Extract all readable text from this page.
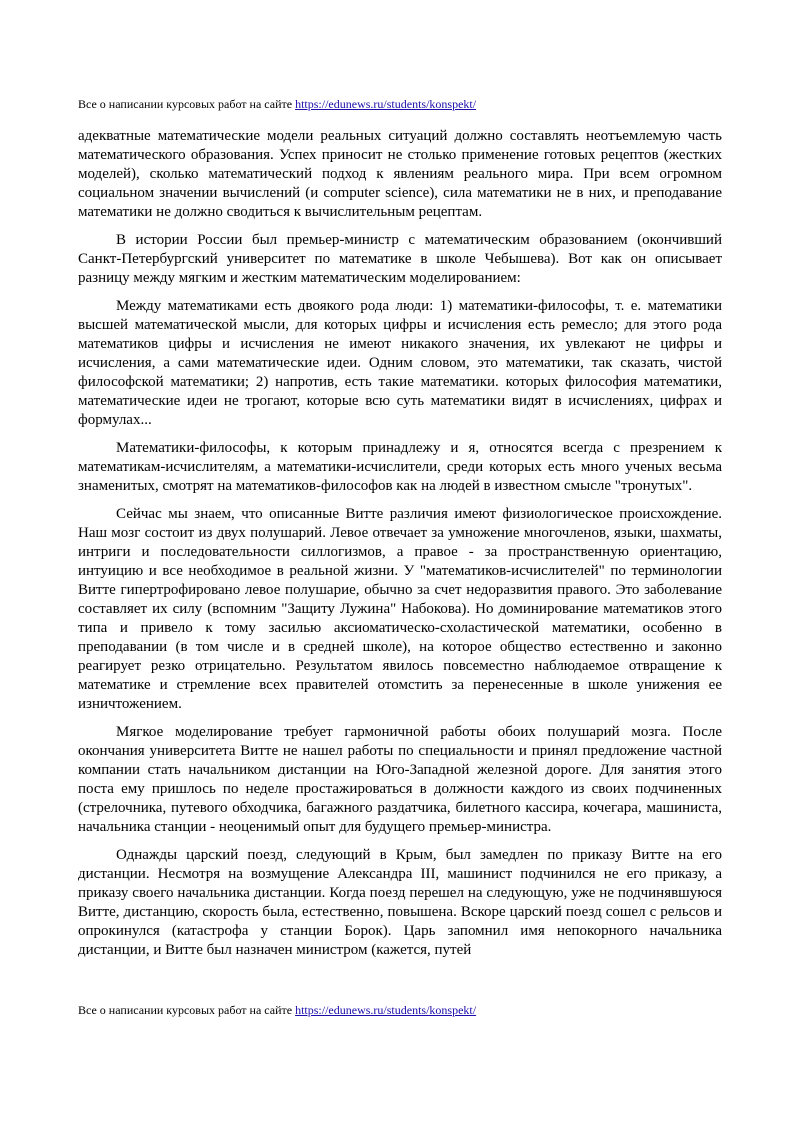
Все о написании курсовых работ на сайте https://edunews.ru/students/konspekt/

адекватные математические модели реальных ситуаций должно составлять неотъемлемую часть математического образования. Успех приносит не столько применение готовых рецептов (жестких моделей), сколько математический подход к явлениям реального мира. При всем огромном социальном значении вычислений (и computer science), сила математики не в них, и преподавание математики не должно сводиться к вычислительным рецептам.

В истории России был премьер-министр с математическим образованием (окончивший Санкт-Петербургский университет по математике в школе Чебышева). Вот как он описывает разницу между мягким и жестким математическим моделированием:

Между математиками есть двоякого рода люди: 1) математики-философы, т. е. математики высшей математической мысли, для которых цифры и исчисления есть ремесло; для этого рода математиков цифры и исчисления не имеют никакого значения, их увлекают не цифры и исчисления, а сами математические идеи. Одним словом, это математики, так сказать, чистой философской математики; 2) напротив, есть такие математики. которых философия математики, математические идеи не трогают, которые всю суть математики видят в исчислениях, цифрах и формулах...

Математики-философы, к которым принадлежу и я, относятся всегда с презрением к математикам-исчислителям, а математики-исчислители, среди которых есть много ученых весьма знаменитых, смотрят на математиков-философов как на людей в известном смысле "тронутых".

Сейчас мы знаем, что описанные Витте различия имеют физиологическое происхождение. Наш мозг состоит из двух полушарий. Левое отвечает за умножение многочленов, языки, шахматы, интриги и последовательности силлогизмов, а правое - за пространственную ориентацию, интуицию и все необходимое в реальной жизни. У "математиков-исчислителей" по терминологии Витте гипертрофировано левое полушарие, обычно за счет недоразвития правого. Это заболевание составляет их силу (вспомним "Защиту Лужина" Набокова). Но доминирование математиков этого типа и привело к тому засилью аксиоматическо-схоластической математики, особенно в преподавании (в том числе и в средней школе), на которое общество естественно и законно реагирует резко отрицательно. Результатом явилось повсеместно наблюдаемое отвращение к математике и стремление всех правителей отомстить за перенесенные в школе унижения ее изничтожением.

Мягкое моделирование требует гармоничной работы обоих полушарий мозга. После окончания университета Витте не нашел работы по специальности и принял предложение частной компании стать начальником дистанции на Юго-Западной железной дороге. Для занятия этого поста ему пришлось по неделе простажироваться в должности каждого из своих подчиненных (стрелочника, путевого обходчика, багажного раздатчика, билетного кассира, кочегара, машиниста, начальника станции - неоценимый опыт для будущего премьер-министра.

Однажды царский поезд, следующий в Крым, был замедлен по приказу Витте на его дистанции. Несмотря на возмущение Александра III, машинист подчинился не его приказу, а приказу своего начальника дистанции. Когда поезд перешел на следующую, уже не подчинявшуюся Витте, дистанцию, скорость была, естественно, повышена. Вскоре царский поезд сошел с рельсов и опрокинулся (катастрофа у станции Борок). Царь запомнил имя непокорного начальника дистанции, и Витте был назначен министром (кажется, путей

Все о написании курсовых работ на сайте https://edunews.ru/students/konspekt/
